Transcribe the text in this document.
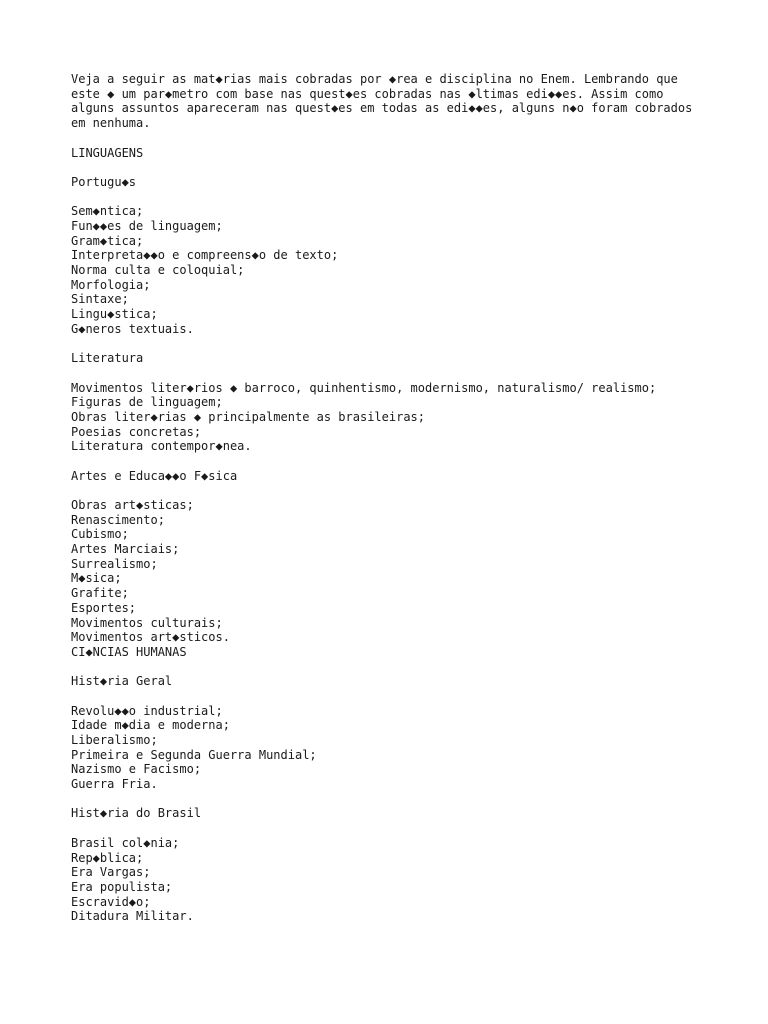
Veja a seguir as mat◆rias mais cobradas por ◆rea e disciplina no Enem. Lembrando que este ◆ um par◆metro com base nas quest◆es cobradas nas ◆ltimas edi◆◆es. Assim como alguns assuntos apareceram nas quest◆es em todas as edi◆◆es, alguns n◆o foram cobrados em nenhuma.

LINGUAGENS
Portugu◆s
Sem◆ntica;
Fun◆◆es de linguagem;
Gram◆tica;
Interpreta◆◆o e compreens◆o de texto;
Norma culta e coloquial;
Morfologia;
Sintaxe;
Lingu◆stica;
G◆neros textuais.
Literatura
Movimentos liter◆rios ◆ barroco, quinhentismo, modernismo, naturalismo/ realismo;
Figuras de linguagem;
Obras liter◆rias ◆ principalmente as brasileiras;
Poesias concretas;
Literatura contempor◆nea.
Artes e Educa◆◆o F◆sica
Obras art◆sticas;
Renascimento;
Cubismo;
Artes Marciais;
Surrealismo;
M◆sica;
Grafite;
Esportes;
Movimentos culturais;
Movimentos art◆sticos.
CI◆NCIAS HUMANAS
Hist◆ria Geral
Revolu◆◆o industrial;
Idade m◆dia e moderna;
Liberalismo;
Primeira e Segunda Guerra Mundial;
Nazismo e Facismo;
Guerra Fria.
Hist◆ria do Brasil
Brasil col◆nia;
Rep◆blica;
Era Vargas;
Era populista;
Escravid◆o;
Ditadura Militar.
